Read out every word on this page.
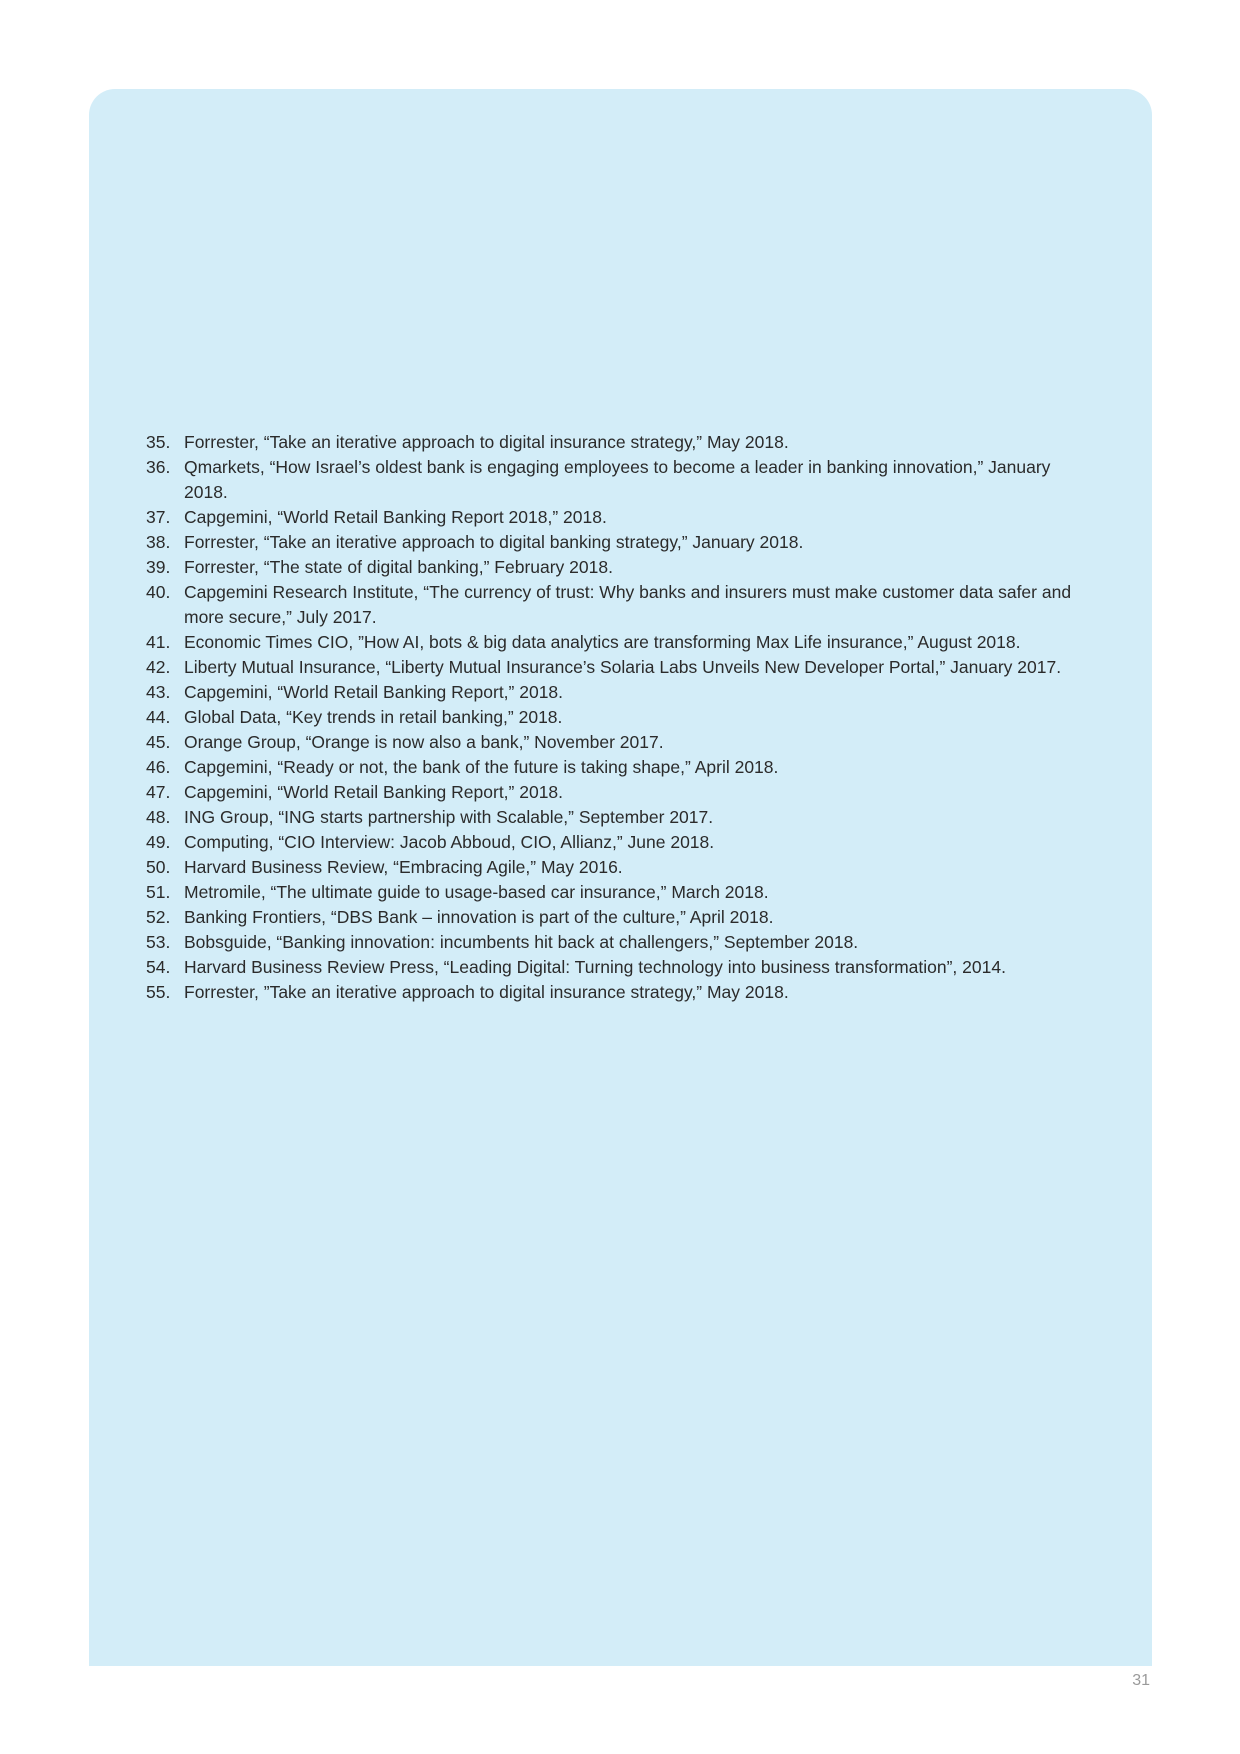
35. Forrester, “Take an iterative approach to digital insurance strategy,” May 2018.
36. Qmarkets, “How Israel’s oldest bank is engaging employees to become a leader in banking innovation,” January 2018.
37. Capgemini, “World Retail Banking Report 2018,” 2018.
38. Forrester, “Take an iterative approach to digital banking strategy,” January 2018.
39. Forrester, “The state of digital banking,” February 2018.
40. Capgemini Research Institute, “The currency of trust: Why banks and insurers must make customer data safer and more secure,” July 2017.
41. Economic Times CIO, ”How AI, bots & big data analytics are transforming Max Life insurance,” August 2018.
42. Liberty Mutual Insurance, “Liberty Mutual Insurance’s Solaria Labs Unveils New Developer Portal,” January 2017.
43. Capgemini, “World Retail Banking Report,” 2018.
44. Global Data, “Key trends in retail banking,” 2018.
45. Orange Group, “Orange is now also a bank,” November 2017.
46. Capgemini, “Ready or not, the bank of the future is taking shape,” April 2018.
47. Capgemini, “World Retail Banking Report,” 2018.
48. ING Group, “ING starts partnership with Scalable,” September 2017.
49. Computing, “CIO Interview: Jacob Abboud, CIO, Allianz,” June 2018.
50. Harvard Business Review, “Embracing Agile,” May 2016.
51. Metromile, “The ultimate guide to usage-based car insurance,” March 2018.
52. Banking Frontiers, “DBS Bank – innovation is part of the culture,” April 2018.
53. Bobsguide, “Banking innovation: incumbents hit back at challengers,” September 2018.
54. Harvard Business Review Press, “Leading Digital: Turning technology into business transformation”, 2014.
55. Forrester, ”Take an iterative approach to digital insurance strategy,” May 2018.
31
